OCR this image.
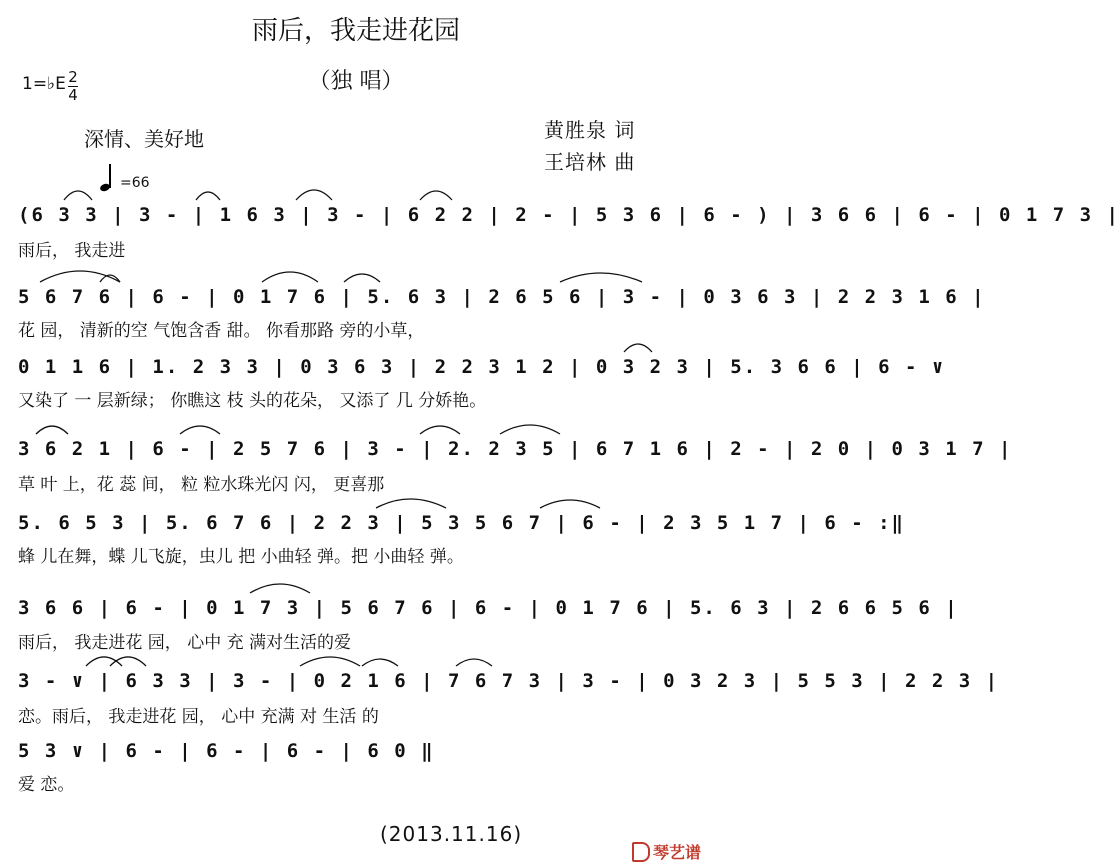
雨后，我走进花园
（独 唱）
1=♭E 2
4
深情、美好地	黄胜泉 词
王培林 曲
=66
(6 3 3 | 3 - | 1 6 3 | 3 - | 6 2 2 | 2 - | 5 3 6 | 6 - ) | 3 6 6 | 6 - | 0 1 7 3 |
雨后， 我走进
5 6 7 6 | 6 - | 0 1 7 6 | 5. 6 3 | 2 6 5 6 | 3 - | 0 3 6 3 | 2 2 3 1 6 |
花 园， 清新的空 气饱含香 甜。 你看那路 旁的小草，
0 1 1 6 | 1. 2 3 3 | 0 3 6 3 | 2 2 3 1 2 | 0 3 2 3 | 5. 3 6 6 | 6 - ∨
又染了 一 层新绿； 你瞧这 枝 头的花朵， 又添了 几 分娇艳。
3 6 2 1 | 6 - | 2 5 7 6 | 3 - | 2. 2 3 5 | 6 7 1 6 | 2 - | 2 0 | 0 3 1 7 |
草 叶 上，花 蕊 间， 粒 粒水珠光闪 闪， 更喜那
5. 6 5 3 | 5. 6 7 6 | 2 2 3 | 5 3 5 6 7 | 6 - | 2 3 5 1 7 | 6 - :‖
蜂 儿在舞，蝶 儿飞旋，虫儿 把 小曲轻 弹。把 小曲轻 弹。
3 6 6 | 6 - | 0 1 7 3 | 5 6 7 6 | 6 - | 0 1 7 6 | 5. 6 3 | 2 6 6 5 6 |
雨后， 我走进花 园， 心中 充 满对生活的爱
3 - ∨ | 6 3 3 | 3 - | 0 2 1 6 | 7 6 7 3 | 3 - | 0 3 2 3 | 5 5 3 | 2 2 3 |
恋。雨后， 我走进花 园， 心中 充满 对 生活 的
5 3 ∨ | 6 - | 6 - | 6 - | 6 0 ‖
爱 恋。
(2013.11.16)
琴艺谱
